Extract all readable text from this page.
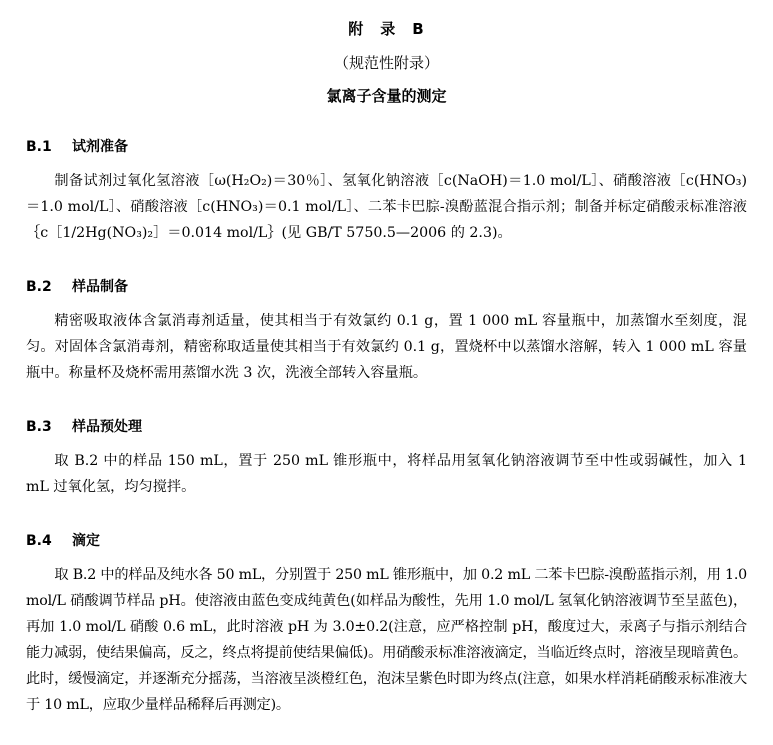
附　录　B
（规范性附录）
氯离子含量的测定
B.1 试剂准备

制备试剂过氧化氢溶液［ω(H₂O₂)＝30％］、氢氧化钠溶液［c(NaOH)＝1.0 mol/L］、硝酸溶液［c(HNO₃)＝1.0 mol/L］、硝酸溶液［c(HNO₃)＝0.1 mol/L］、二苯卡巴腙-溴酚蓝混合指示剂；制备并标定硝酸汞标准溶液｛c［1/2Hg(NO₃)₂］＝0.014 mol/L｝(见 GB/T 5750.5—2006 的 2.3)。

B.2 样品制备

精密吸取液体含氯消毒剂适量，使其相当于有效氯约 0.1 g，置 1 000 mL 容量瓶中，加蒸馏水至刻度，混匀。对固体含氯消毒剂，精密称取适量使其相当于有效氯约 0.1 g，置烧杯中以蒸馏水溶解，转入 1 000 mL 容量瓶中。称量杯及烧杯需用蒸馏水洗 3 次，洗液全部转入容量瓶。

B.3 样品预处理

取 B.2 中的样品 150 mL，置于 250 mL 锥形瓶中，将样品用氢氧化钠溶液调节至中性或弱碱性，加入 1 mL 过氧化氢，均匀搅拌。

B.4 滴定

取 B.2 中的样品及纯水各 50 mL，分别置于 250 mL 锥形瓶中，加 0.2 mL 二苯卡巴腙-溴酚蓝指示剂，用 1.0 mol/L 硝酸调节样品 pH。使溶液由蓝色变成纯黄色(如样品为酸性，先用 1.0 mol/L 氢氧化钠溶液调节至呈蓝色)，再加 1.0 mol/L 硝酸 0.6 mL，此时溶液 pH 为 3.0±0.2(注意，应严格控制 pH，酸度过大，汞离子与指示剂结合能力减弱，使结果偏高，反之，终点将提前使结果偏低)。用硝酸汞标准溶液滴定，当临近终点时，溶液呈现暗黄色。此时，缓慢滴定，并逐渐充分摇荡，当溶液呈淡橙红色，泡沫呈紫色时即为终点(注意，如果水样消耗硝酸汞标准液大于 10 mL，应取少量样品稀释后再测定)。
